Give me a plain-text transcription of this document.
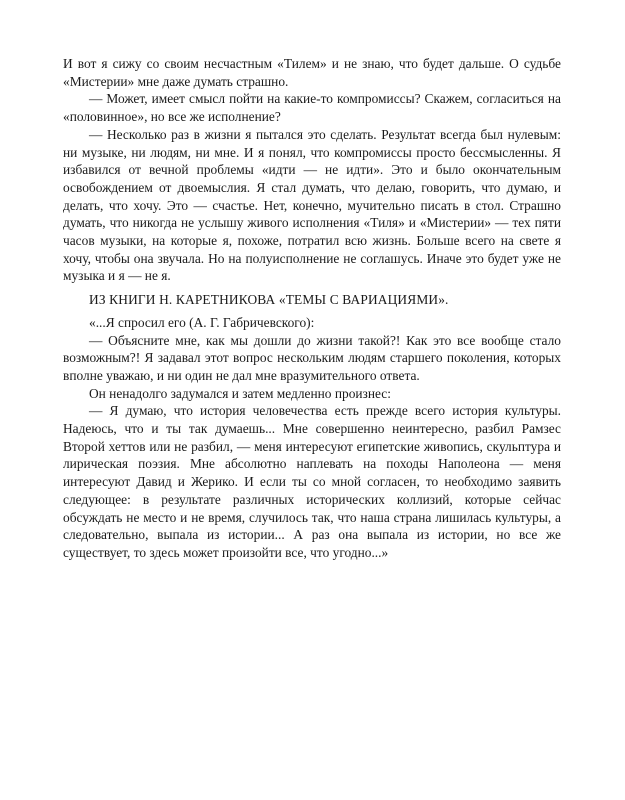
И вот я сижу со своим несчастным «Тилем» и не знаю, что будет дальше. О судьбе «Мистерии» мне даже думать страшно.

— Может, имеет смысл пойти на какие-то компромиссы? Скажем, согласиться на «половинное», но все же исполнение?

— Несколько раз в жизни я пытался это сделать. Результат всегда был нулевым: ни музыке, ни людям, ни мне. И я понял, что компромиссы просто бессмысленны. Я избавился от вечной проблемы «идти — не идти». Это и было окончательным освобождением от двоемыслия. Я стал думать, что делаю, говорить, что думаю, и делать, что хочу. Это — счастье. Нет, конечно, мучительно писать в стол. Страшно думать, что никогда не услышу живого исполнения «Тиля» и «Мистерии» — тех пяти часов музыки, на которые я, похоже, потратил всю жизнь. Больше всего на свете я хочу, чтобы она звучала. Но на полуисполнение не соглашусь. Иначе это будет уже не музыка и я — не я.

ИЗ КНИГИ Н. КАРЕТНИКОВА «ТЕМЫ С ВАРИАЦИЯМИ».

«...Я спросил его (А. Г. Габричевского):

— Объясните мне, как мы дошли до жизни такой?! Как это все вообще стало возможным?! Я задавал этот вопрос нескольким людям старшего поколения, которых вполне уважаю, и ни один не дал мне вразумительного ответа.

Он ненадолго задумался и затем медленно произнес:

— Я думаю, что история человечества есть прежде всего история культуры. Надеюсь, что и ты так думаешь... Мне совершенно неинтересно, разбил Рамзес Второй хеттов или не разбил, — меня интересуют египетские живопись, скульптура и лирическая поэзия. Мне абсолютно наплевать на походы Наполеона — меня интересуют Давид и Жерико. И если ты со мной согласен, то необходимо заявить следующее: в результате различных исторических коллизий, которые сейчас обсуждать не место и не время, случилось так, что наша страна лишилась культуры, а следовательно, выпала из истории... А раз она выпала из истории, но все же существует, то здесь может произойти все, что угодно...»
